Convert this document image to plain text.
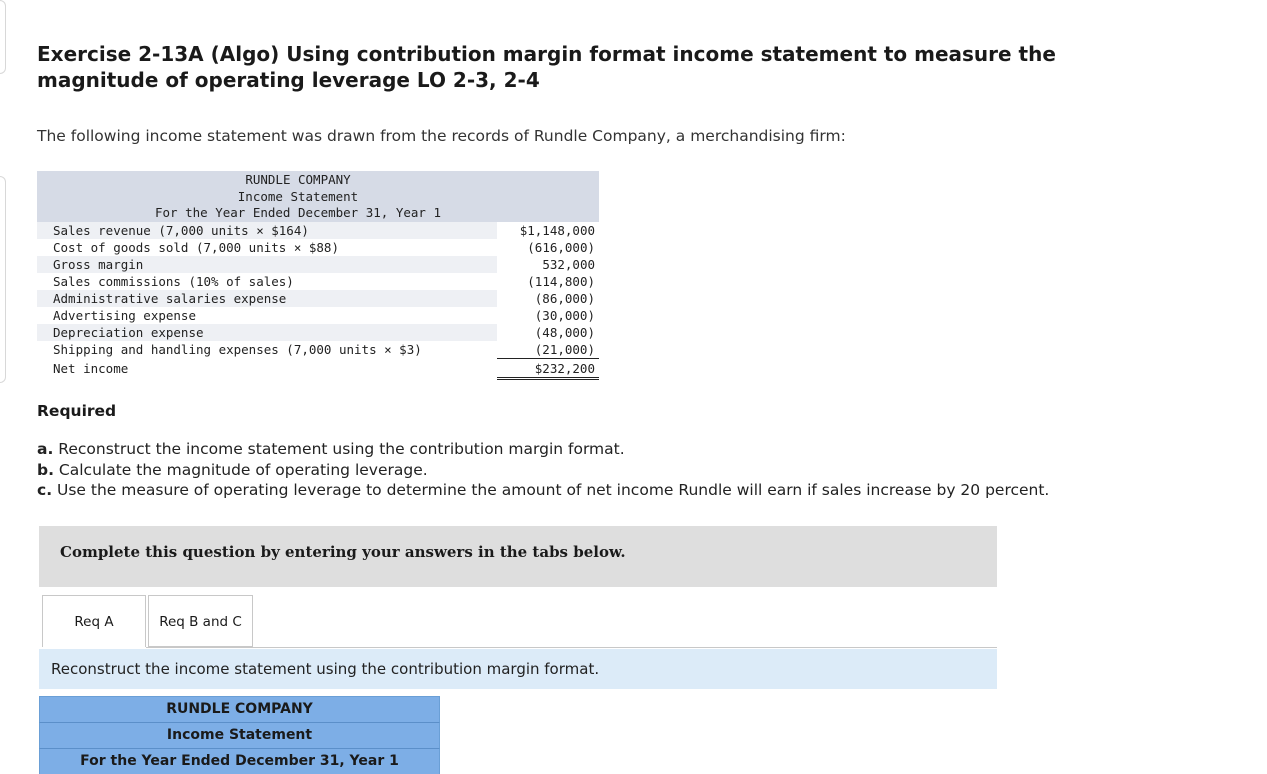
Exercise 2-13A (Algo) Using contribution margin format income statement to measure the magnitude of operating leverage LO 2-3, 2-4
The following income statement was drawn from the records of Rundle Company, a merchandising firm:
RUNDLE COMPANY
Income Statement
For the Year Ended December 31, Year 1
Sales revenue (7,000 units × $164)	$1,148,000
Cost of goods sold (7,000 units × $88)	(616,000)
Gross margin	532,000
Sales commissions (10% of sales)	(114,800)
Administrative salaries expense	(86,000)
Advertising expense	(30,000)
Depreciation expense	(48,000)
Shipping and handling expenses (7,000 units × $3)	(21,000)
Net income	$232,200
Required
a. Reconstruct the income statement using the contribution margin format.
b. Calculate the magnitude of operating leverage.
c. Use the measure of operating leverage to determine the amount of net income Rundle will earn if sales increase by 20 percent.
Complete this question by entering your answers in the tabs below.
Req A	Req B and C
Reconstruct the income statement using the contribution margin format.
RUNDLE COMPANY
Income Statement
For the Year Ended December 31, Year 1
